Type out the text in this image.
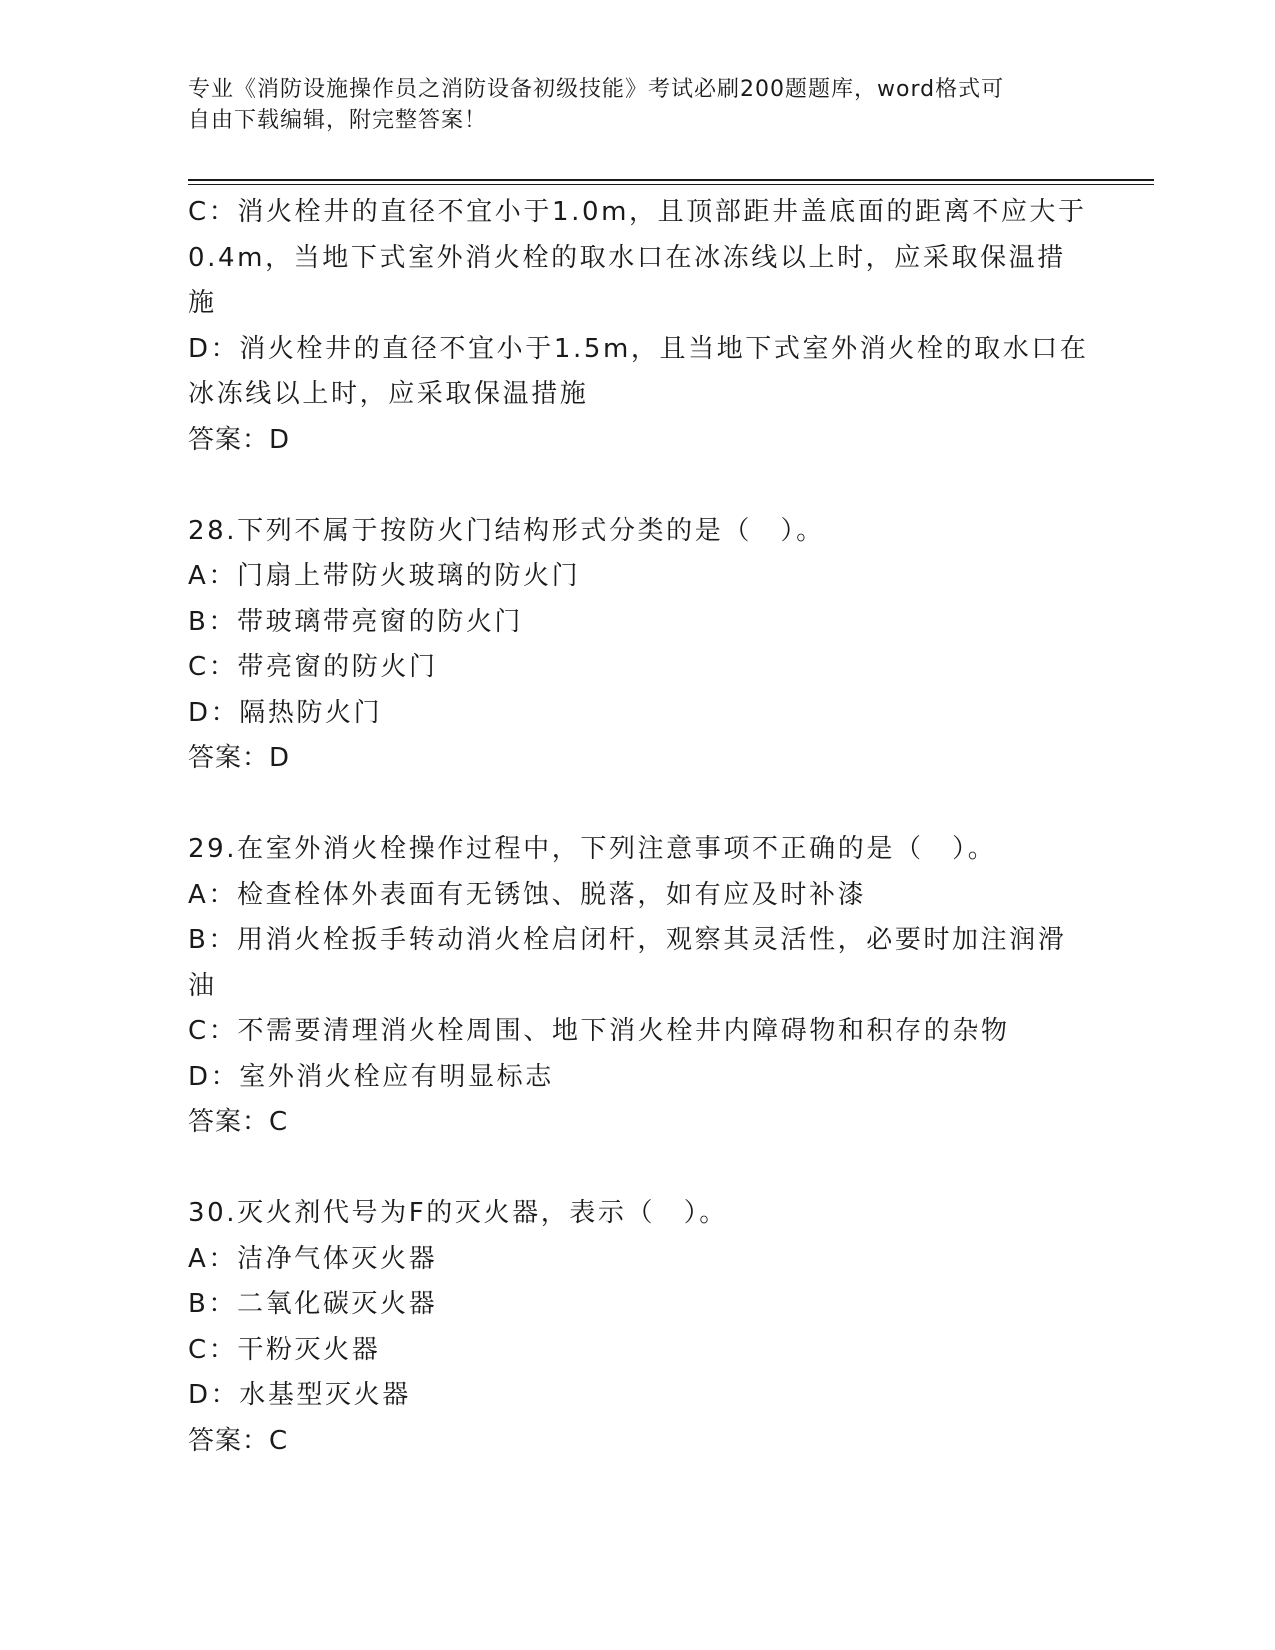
专业《消防设施操作员之消防设备初级技能》考试必刷200题题库，word格式可
自由下载编辑，附完整答案！
C：消火栓井的直径不宜小于1.0m，且顶部距井盖底面的距离不应大于
0.4m，当地下式室外消火栓的取水口在冰冻线以上时，应采取保温措
施
D：消火栓井的直径不宜小于1.5m，且当地下式室外消火栓的取水口在
冰冻线以上时，应采取保温措施
答案：D
28.下列不属于按防火门结构形式分类的是（　）。
A：门扇上带防火玻璃的防火门
B：带玻璃带亮窗的防火门
C：带亮窗的防火门
D：隔热防火门
答案：D
29.在室外消火栓操作过程中，下列注意事项不正确的是（　）。
A：检查栓体外表面有无锈蚀、脱落，如有应及时补漆
B：用消火栓扳手转动消火栓启闭杆，观察其灵活性，必要时加注润滑
油
C：不需要清理消火栓周围、地下消火栓井内障碍物和积存的杂物
D：室外消火栓应有明显标志
答案：C
30.灭火剂代号为F的灭火器，表示（　）。
A：洁净气体灭火器
B：二氧化碳灭火器
C：干粉灭火器
D：水基型灭火器
答案：C
